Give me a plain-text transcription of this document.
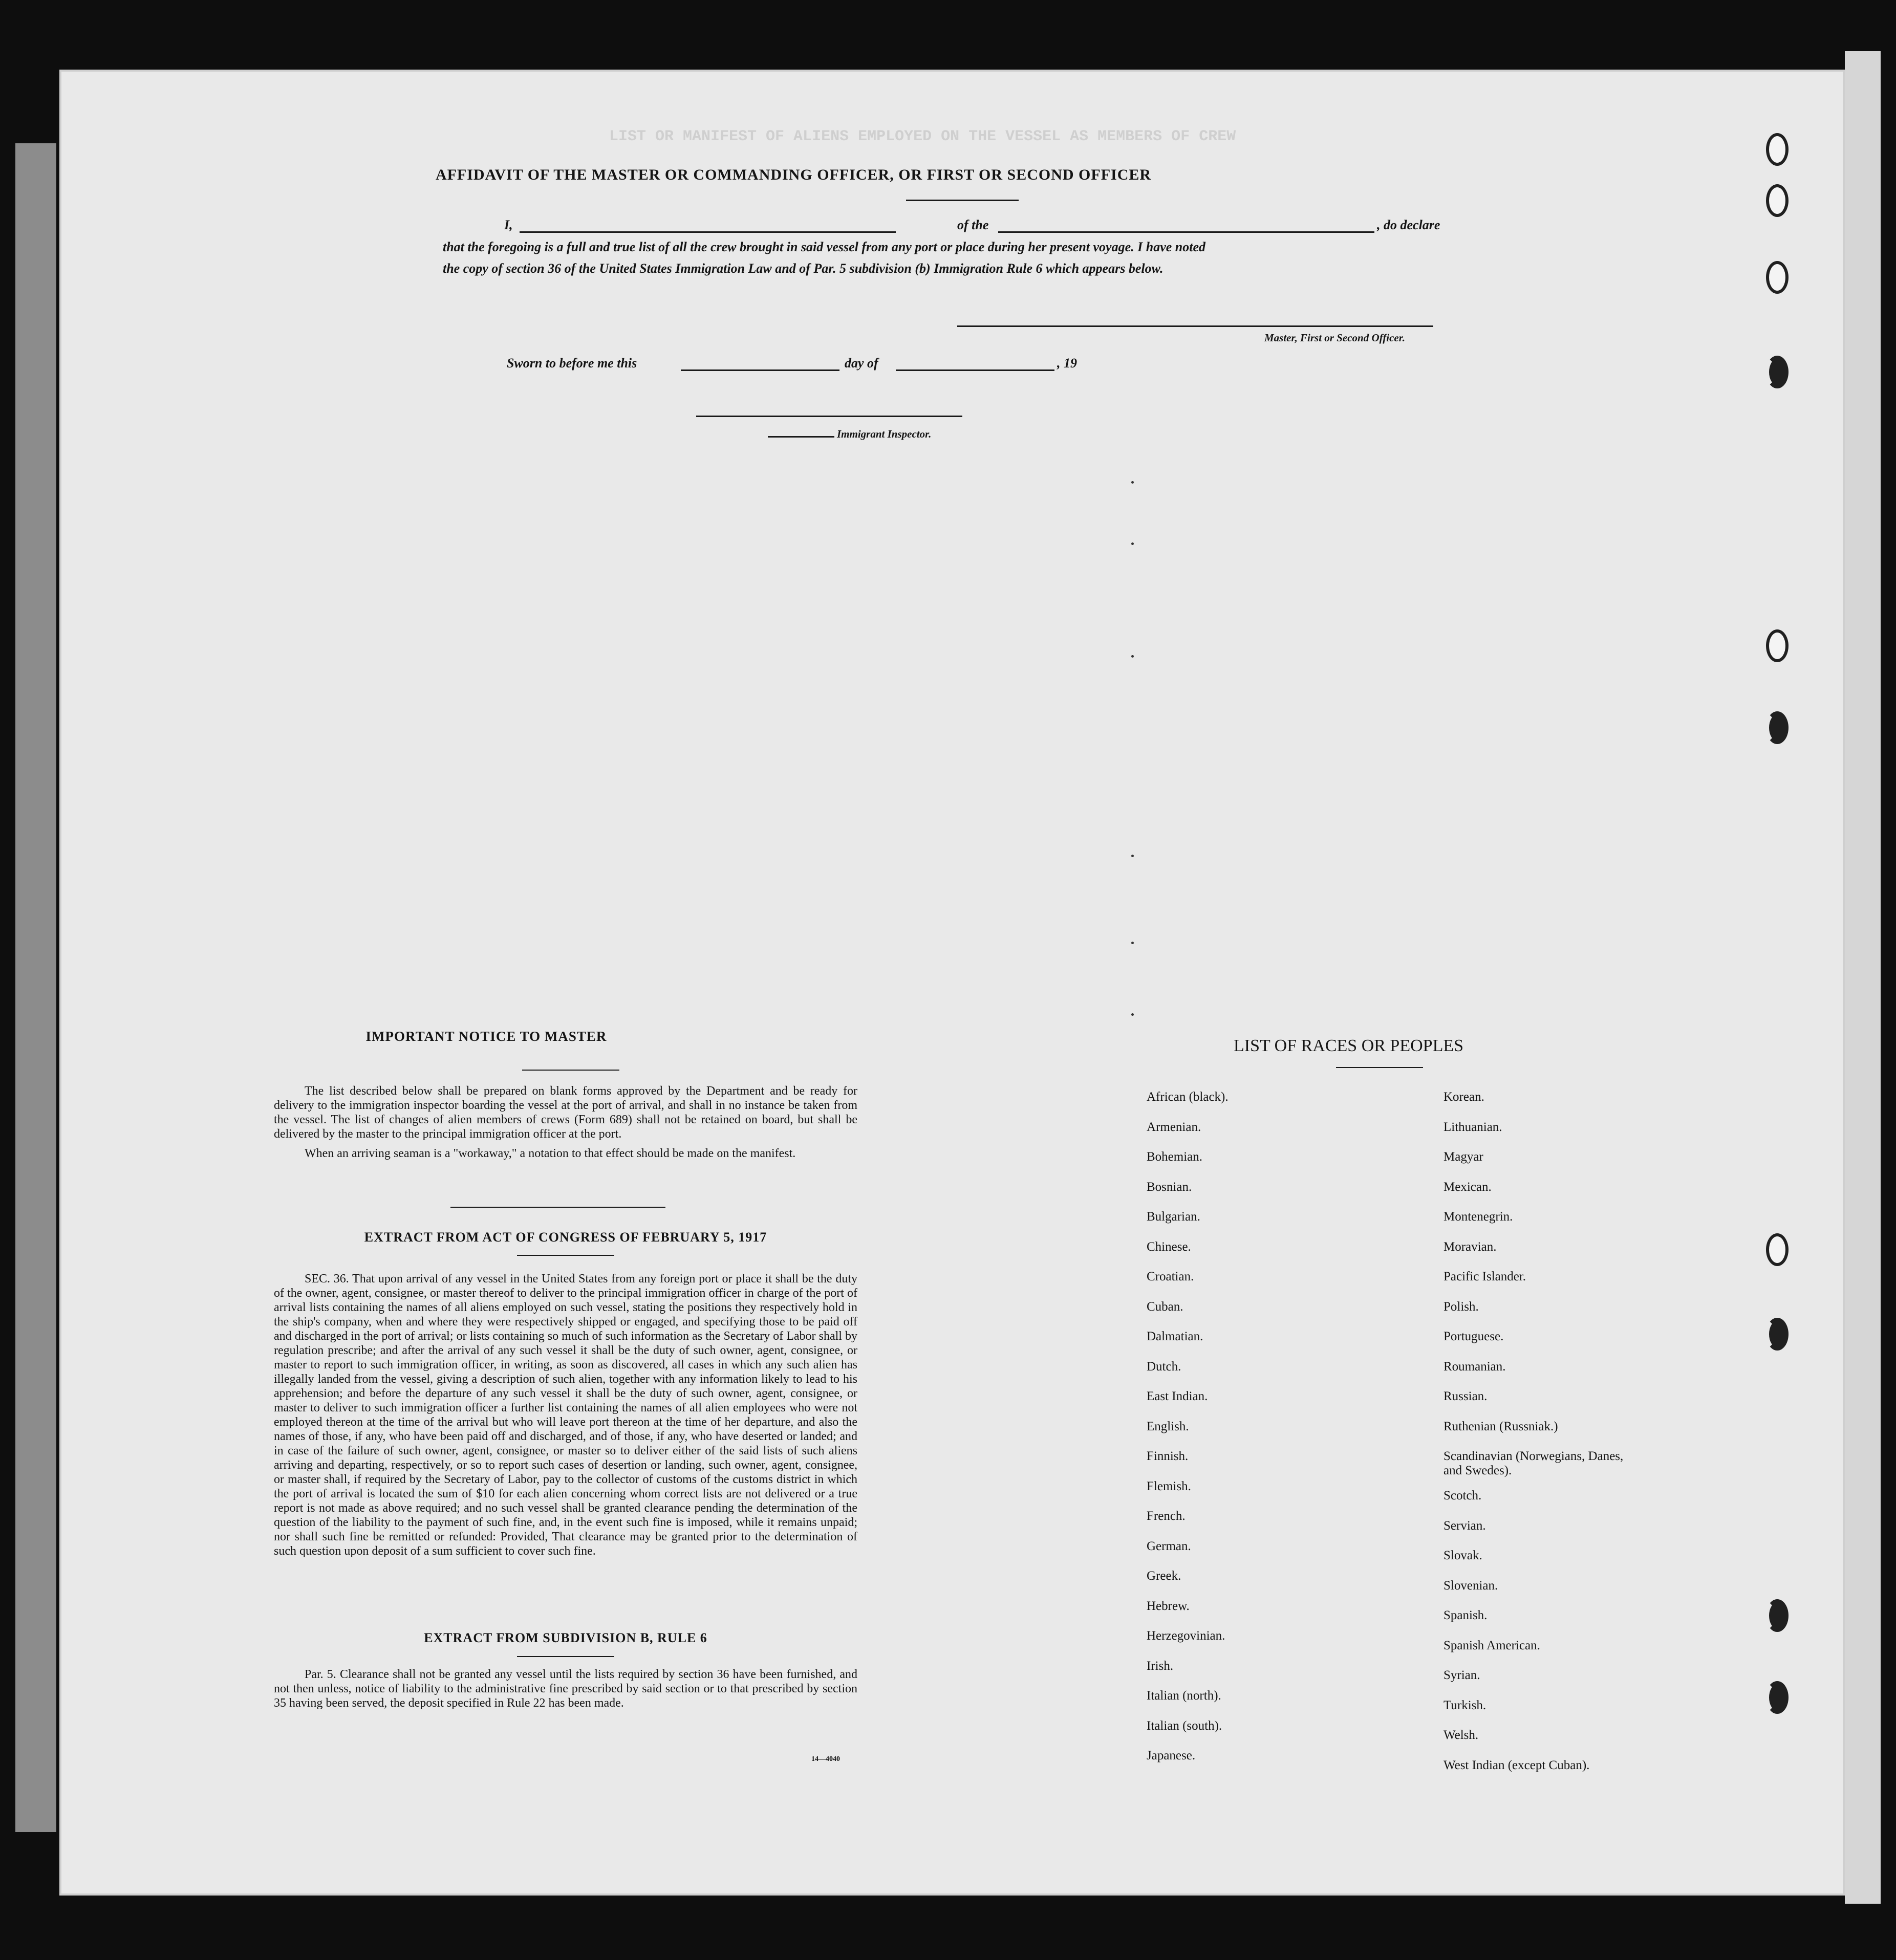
LIST OR MANIFEST OF ALIENS EMPLOYED ON THE VESSEL AS MEMBERS OF CREW
AFFIDAVIT OF THE MASTER OR COMMANDING OFFICER, OR FIRST OR SECOND OFFICER
I,	of the	, do declare
that the foregoing is a full and true list of all the crew brought in said vessel from any port or place during her present voyage. I have noted
the copy of section 36 of the United States Immigration Law and of Par. 5 subdivision (b) Immigration Rule 6 which appears below.
Master, First or Second Officer.
Sworn to before me this	day of	, 19
Immigrant Inspector.
IMPORTANT NOTICE TO MASTER

The list described below shall be prepared on blank forms approved by the Department and be ready for delivery to the immigration inspector boarding the vessel at the port of arrival, and shall in no instance be taken from the vessel. The list of changes of alien members of crews (Form 689) shall not be retained on board, but shall be delivered by the master to the principal immigration officer at the port.

When an arriving seaman is a "workaway," a notation to that effect should be made on the manifest.

EXTRACT FROM ACT OF CONGRESS OF FEBRUARY 5, 1917

SEC. 36. That upon arrival of any vessel in the United States from any foreign port or place it shall be the duty of the owner, agent, consignee, or master thereof to deliver to the principal immigration officer in charge of the port of arrival lists containing the names of all aliens employed on such vessel, stating the positions they respectively hold in the ship's company, when and where they were respectively shipped or engaged, and specifying those to be paid off and discharged in the port of arrival; or lists containing so much of such information as the Secretary of Labor shall by regulation prescribe; and after the arrival of any such vessel it shall be the duty of such owner, agent, consignee, or master to report to such immigration officer, in writing, as soon as discovered, all cases in which any such alien has illegally landed from the vessel, giving a description of such alien, together with any information likely to lead to his apprehension; and before the departure of any such vessel it shall be the duty of such owner, agent, consignee, or master to deliver to such immigration officer a further list containing the names of all alien employees who were not employed thereon at the time of the arrival but who will leave port thereon at the time of her departure, and also the names of those, if any, who have been paid off and discharged, and of those, if any, who have deserted or landed; and in case of the failure of such owner, agent, consignee, or master so to deliver either of the said lists of such aliens arriving and departing, respectively, or so to report such cases of desertion or landing, such owner, agent, consignee, or master shall, if required by the Secretary of Labor, pay to the collector of customs of the customs district in which the port of arrival is located the sum of $10 for each alien concerning whom correct lists are not delivered or a true report is not made as above required; and no such vessel shall be granted clearance pending the determination of the question of the liability to the payment of such fine, and, in the event such fine is imposed, while it remains unpaid; nor shall such fine be remitted or refunded: Provided, That clearance may be granted prior to the determination of such question upon deposit of a sum sufficient to cover such fine.

EXTRACT FROM SUBDIVISION B, RULE 6

Par. 5. Clearance shall not be granted any vessel until the lists required by section 36 have been furnished, and not then unless, notice of liability to the administrative fine prescribed by said section or to that prescribed by section 35 having been served, the deposit specified in Rule 22 has been made.

14—4040
LIST OF RACES OR PEOPLES
African (black).
Armenian.
Bohemian.
Bosnian.
Bulgarian.
Chinese.
Croatian.
Cuban.
Dalmatian.
Dutch.
East Indian.
English.
Finnish.
Flemish.
French.
German.
Greek.
Hebrew.
Herzegovinian.
Irish.
Italian (north).
Italian (south).
Japanese.
Korean.
Lithuanian.
Magyar
Mexican.
Montenegrin.
Moravian.
Pacific Islander.
Polish.
Portuguese.
Roumanian.
Russian.
Ruthenian (Russniak.)
Scandinavian (Norwegians, Danes, and Swedes).
Scotch.
Servian.
Slovak.
Slovenian.
Spanish.
Spanish American.
Syrian.
Turkish.
Welsh.
West Indian (except Cuban).
